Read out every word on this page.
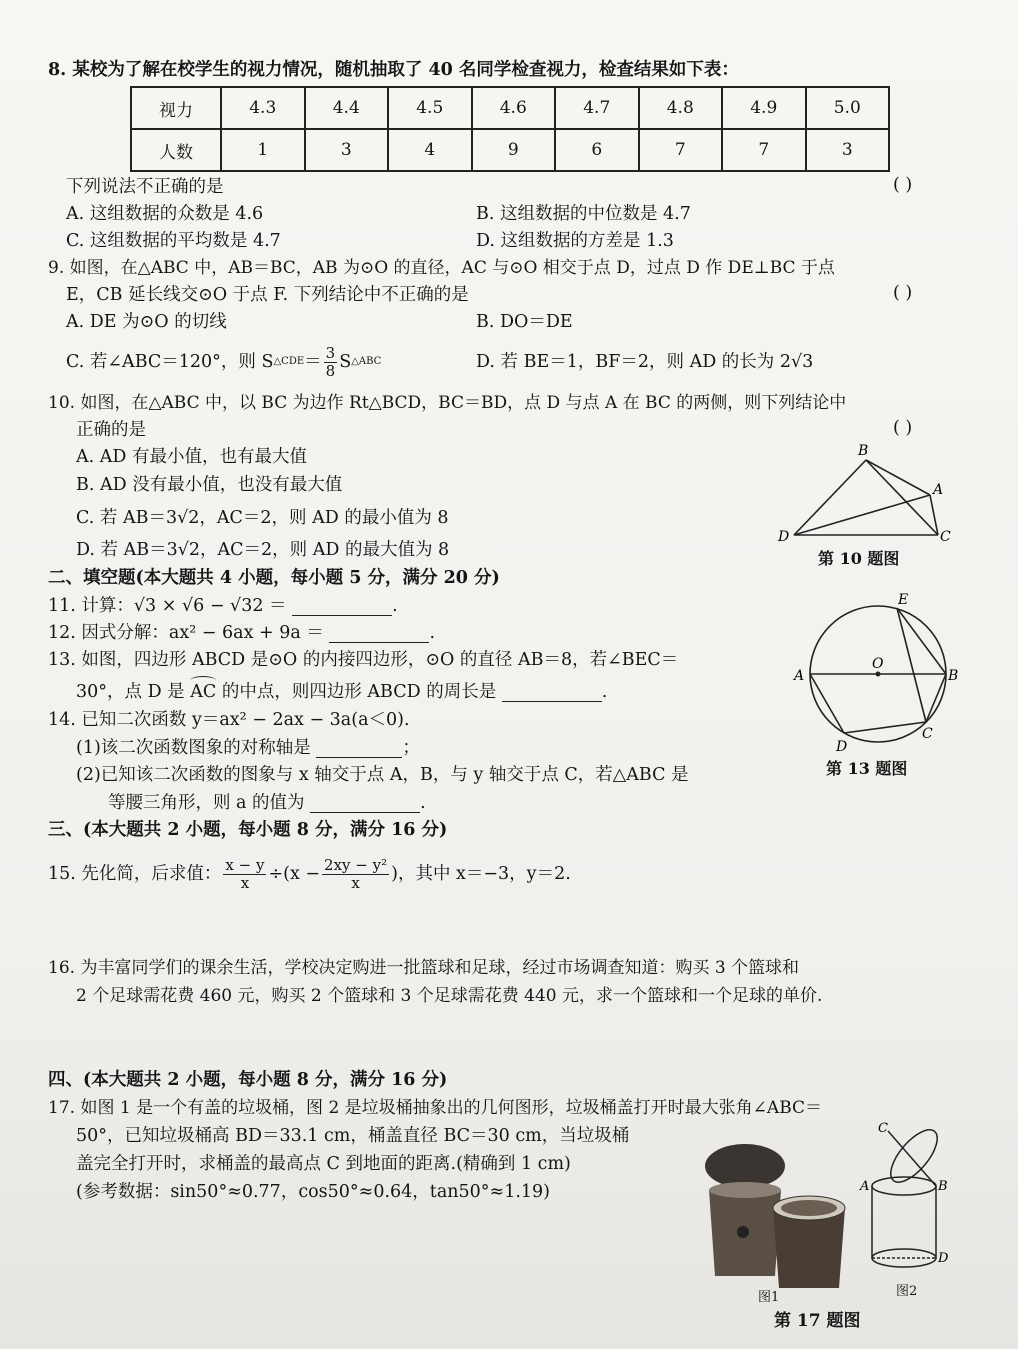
8. 某校为了解在校学生的视力情况，随机抽取了 40 名同学检查视力，检查结果如下表：
视力	4.3	4.4	4.5	4.6	4.7	4.8	4.9	5.0
人数	1	3	4	9	6	7	7	3
下列说法不正确的是	( )
A. 这组数据的众数是 4.6	B. 这组数据的中位数是 4.7
C. 这组数据的平均数是 4.7	D. 这组数据的方差是 1.3
9. 如图，在△ABC 中，AB＝BC，AB 为⊙O 的直径，AC 与⊙O 相交于点 D，过点 D 作 DE⊥BC 于点
E，CB 延长线交⊙O 于点 F. 下列结论中不正确的是	( )
A. DE 为⊙O 的切线	B. DO＝DE
C. 若∠ABC＝120°，则 S △CDE ＝ $\frac{3}{8}$ S △ABC	D. 若 BE＝1，BF＝2，则 AD 的长为 2√3
10. 如图，在△ABC 中，以 BC 为边作 Rt△BCD，BC＝BD，点 D 与点 A 在 BC 的两侧，则下列结论中
正确的是	( )
A. AD 有最小值，也有最大值
B. AD 没有最小值，也没有最大值
C. 若 AB＝3√2，AC＝2，则 AD 的最小值为 8
D. 若 AB＝3√2，AC＝2，则 AD 的最大值为 8
B
A
D	C
第 10 题图
二、填空题(本大题共 4 小题，每小题 5 分，满分 20 分)
11. 计算：√3 × √6 − √32 ＝	.
12. 因式分解：ax² − 6ax + 9a ＝	.
13. 如图，四边形 ABCD 是⊙O 的内接四边形，⊙O 的直径 AB＝8，若∠BEC＝
30°，点 D 是
AC 的中点，则四边形 ABCD 的周长是	.
E
O
A	B
C
D
第 13 题图
14. 已知二次函数 y＝ax² − 2ax − 3a(a＜0).
(1)该二次函数图象的对称轴是	；
(2)已知该二次函数的图象与 x 轴交于点 A，B，与 y 轴交于点 C，若△ABC 是
等腰三角形，则 a 的值为	.
三、(本大题共 2 小题，每小题 8 分，满分 16 分)
15. 先化简，后求值： $\frac{x - y}{x} \div(x - \frac{\text{2xy − y²}}{x}$ )，其中 x＝−3，y＝2.
16. 为丰富同学们的课余生活，学校决定购进一批篮球和足球，经过市场调查知道：购买 3 个篮球和
2 个足球需花费 460 元，购买 2 个篮球和 3 个足球需花费 440 元，求一个篮球和一个足球的单价.
四、(本大题共 2 小题，每小题 8 分，满分 16 分)
17. 如图 1 是一个有盖的垃圾桶，图 2 是垃圾桶抽象出的几何图形，垃圾桶盖打开时最大张角∠ABC＝
50°，已知垃圾桶高 BD＝33.1 cm，桶盖直径 BC＝30 cm，当垃圾桶
盖完全打开时，求桶盖的最高点 C 到地面的距离.(精确到 1 cm)
(参考数据：sin50°≈0.77，cos50°≈0.64，tan50°≈1.19)
图1
C
A	B
D
图2
第 17 题图
